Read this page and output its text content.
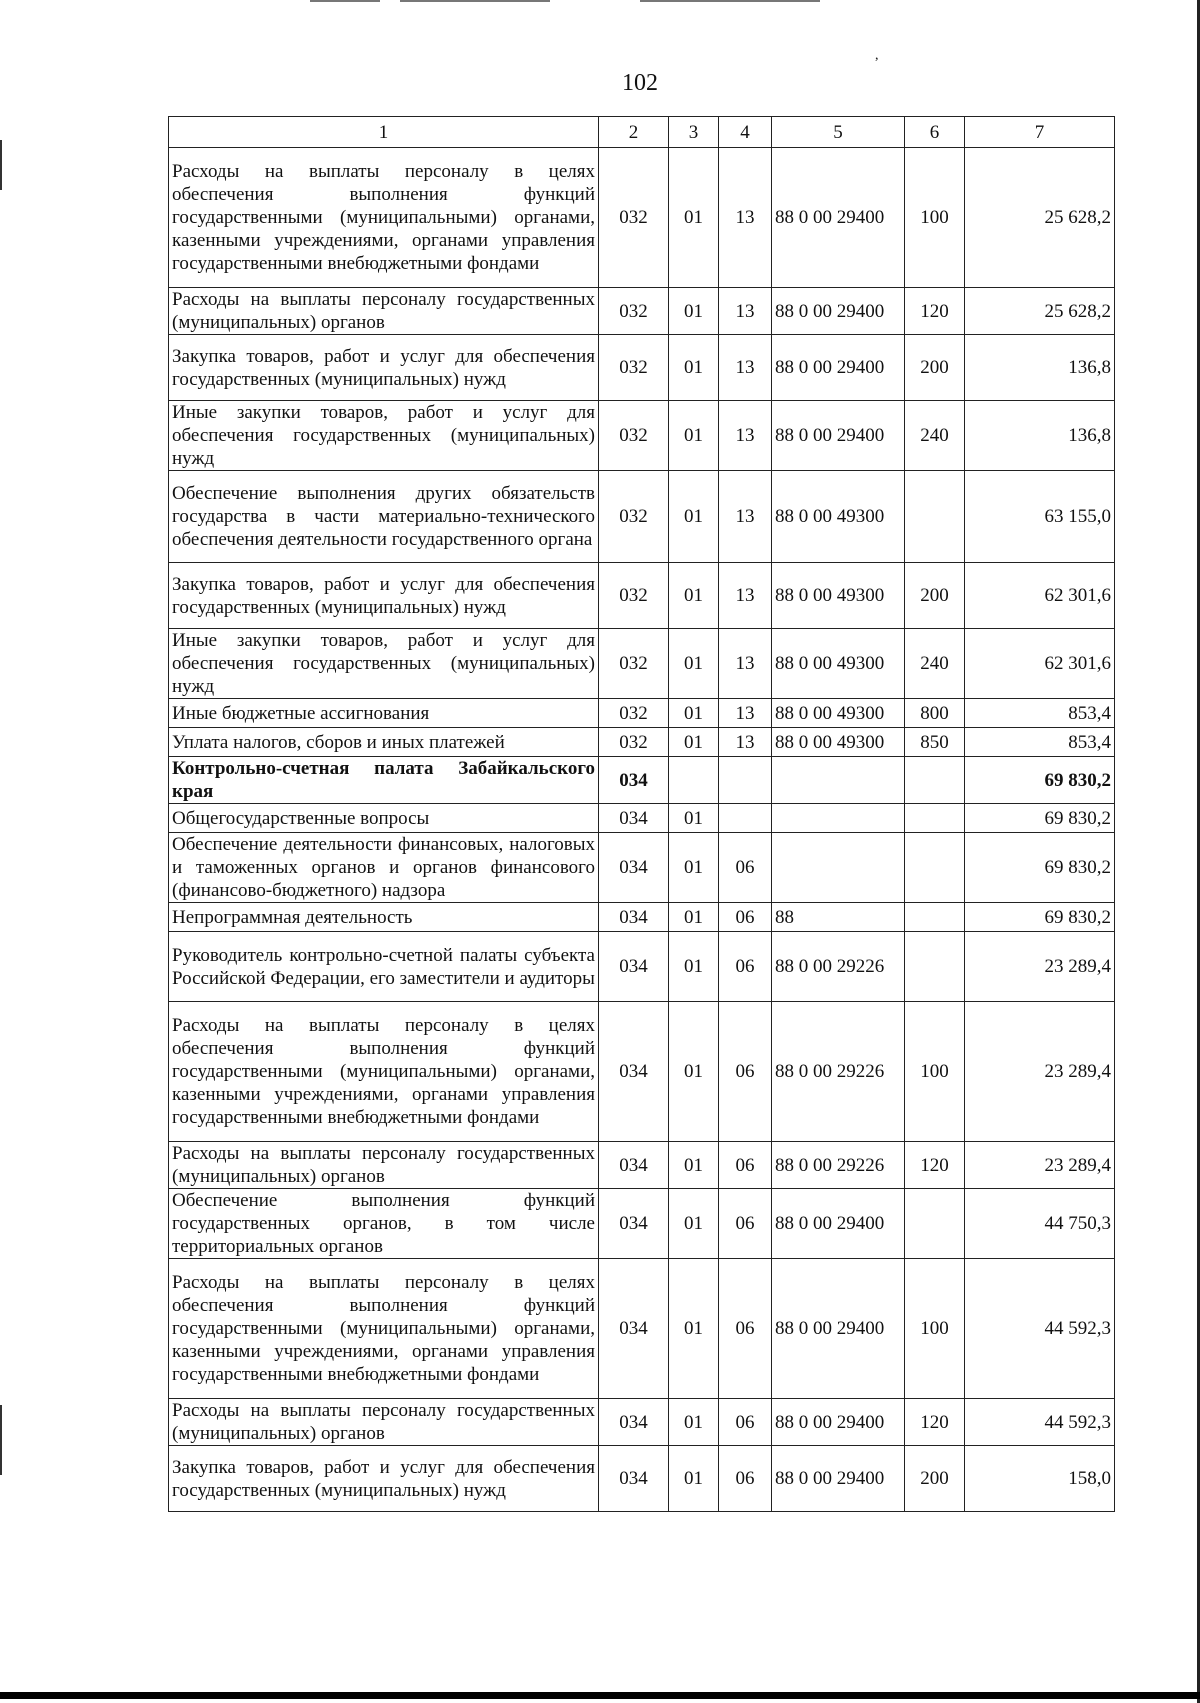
,
102
1	2	3	4	5	6	7
Расходы на выплаты персоналу в целях обеспечения выполнения функций государственными (муниципальными) органами, казенными учреждениями, органами управления государственными внебюджетными фондами	032	01	13	88 0 00 29400	100	25 628,2
Расходы на выплаты персоналу государственных (муниципальных) органов	032	01	13	88 0 00 29400	120	25 628,2
Закупка товаров, работ и услуг для обеспечения государственных (муниципальных) нужд	032	01	13	88 0 00 29400	200	136,8
Иные закупки товаров, работ и услуг для обеспечения государственных (муниципальных) нужд	032	01	13	88 0 00 29400	240	136,8
Обеспечение выполнения других обязательств государства в части материально-технического обеспечения деятельности государственного органа	032	01	13	88 0 00 49300		63 155,0
Закупка товаров, работ и услуг для обеспечения государственных (муниципальных) нужд	032	01	13	88 0 00 49300	200	62 301,6
Иные закупки товаров, работ и услуг для обеспечения государственных (муниципальных) нужд	032	01	13	88 0 00 49300	240	62 301,6
Иные бюджетные ассигнования	032	01	13	88 0 00 49300	800	853,4
Уплата налогов, сборов и иных платежей	032	01	13	88 0 00 49300	850	853,4
Контрольно-счетная палата Забайкальского края	034					69 830,2
Общегосударственные вопросы	034	01				69 830,2
Обеспечение деятельности финансовых, налоговых и таможенных органов и органов финансового (финансово-бюджетного) надзора	034	01	06			69 830,2
Непрограммная деятельность	034	01	06	88		69 830,2
Руководитель контрольно-счетной палаты субъекта Российской Федерации, его заместители и аудиторы	034	01	06	88 0 00 29226		23 289,4
Расходы на выплаты персоналу в целях обеспечения выполнения функций государственными (муниципальными) органами, казенными учреждениями, органами управления государственными внебюджетными фондами	034	01	06	88 0 00 29226	100	23 289,4
Расходы на выплаты персоналу государственных (муниципальных) органов	034	01	06	88 0 00 29226	120	23 289,4
Обеспечение выполнения функций государственных органов, в том числе территориальных органов	034	01	06	88 0 00 29400		44 750,3
Расходы на выплаты персоналу в целях обеспечения выполнения функций государственными (муниципальными) органами, казенными учреждениями, органами управления государственными внебюджетными фондами	034	01	06	88 0 00 29400	100	44 592,3
Расходы на выплаты персоналу государственных (муниципальных) органов	034	01	06	88 0 00 29400	120	44 592,3
Закупка товаров, работ и услуг для обеспечения государственных (муниципальных) нужд	034	01	06	88 0 00 29400	200	158,0
